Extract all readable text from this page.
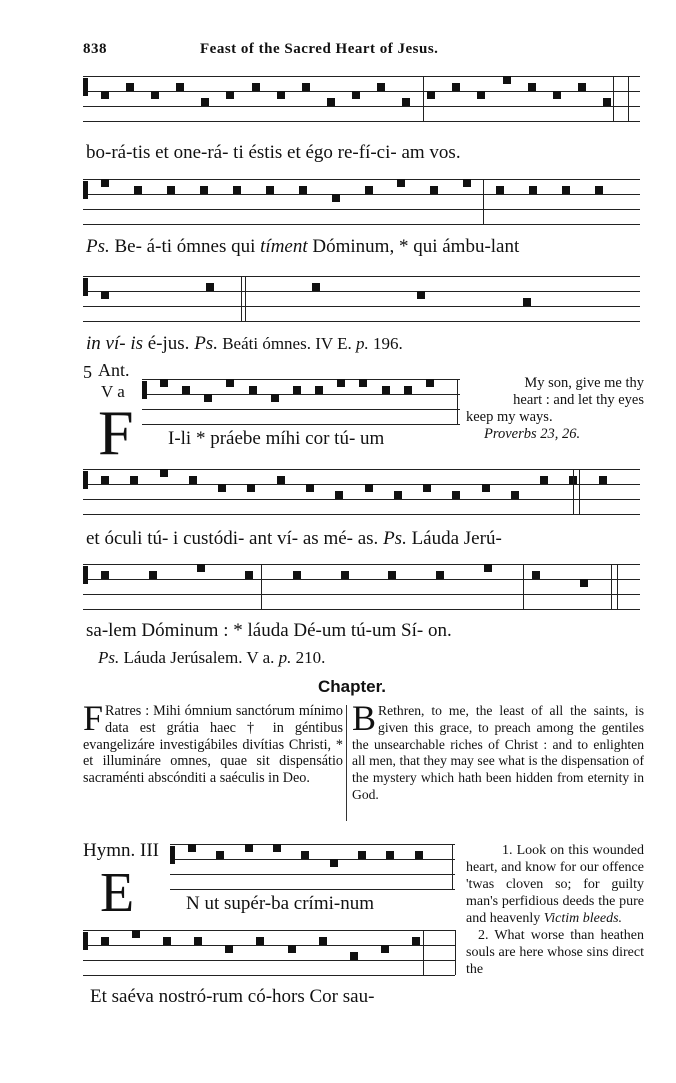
838	Feast of the Sacred Heart of Jesus.
bo-rá-tis et one-rá- ti éstis et égo re-fí-ci- am vos.
Ps. Be- á-ti ómnes qui tíment Dóminum, * qui ámbu-lant
in ví- is é-jus. Ps. Beáti ómnes. IV E. p. 196.
5 Ant.
V a
F I-li * práebe míhi cor tú- um
My son, give me thy
heart : and let thy eyes
keep my ways.
Proverbs 23, 26.
et óculi tú- i custódi- ant ví- as mé- as. Ps. Láuda Jerú-
sa-lem Dóminum : * láuda Dé-um tú-um Sí- on.
Ps. Láuda Jerúsalem. V a. p. 210.
Chapter.
F Ratres : Mihi ómnium sanctórum mínimo data est grátia haec † in géntibus evangelizáre investigábiles divítias Christi, * et illumináre omnes, quae sit dispensátio sacraménti abscónditi a saéculis in Deo.
B Rethren, to me, the least of all the saints, is given this grace, to preach among the gentiles the unsearchable riches of Christ : and to enlighten all men, that they may see what is the dispensation of the mystery which hath been hidden from eternity in God.
Hymn. III
E	N ut supér-ba crími-num
Et saéva nostró-rum có-hors Cor sau-

1. Look on this wounded heart, and know for our offence 'twas cloven so; for guilty man's perfidious deeds the pure and heavenly Victim bleeds.

2. What worse than heathen souls are here whose sins direct the
